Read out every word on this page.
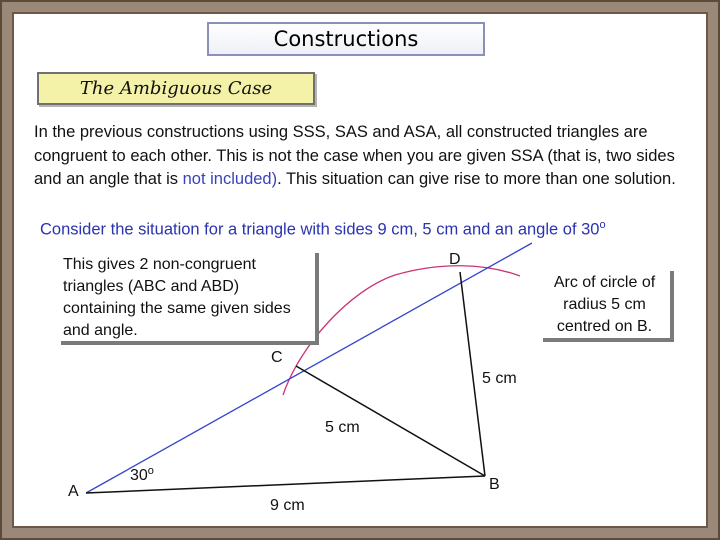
Constructions
The Ambiguous Case
In the previous constructions using SSS, SAS and ASA, all constructed triangles are congruent to each other. This is not the case when you are given SSA (that is, two sides and an angle that is not included). This situation can give rise to more than one solution.
Consider the situation for a triangle with sides 9 cm, 5 cm and an angle of 30$^o$
A	B
C
D
30$^o$
9 cm
5 cm
5 cm
This gives 2 non-congruent triangles (ABC and ABD) containing the same given sides and angle.
Arc of circle of radius 5 cm centred on B.
